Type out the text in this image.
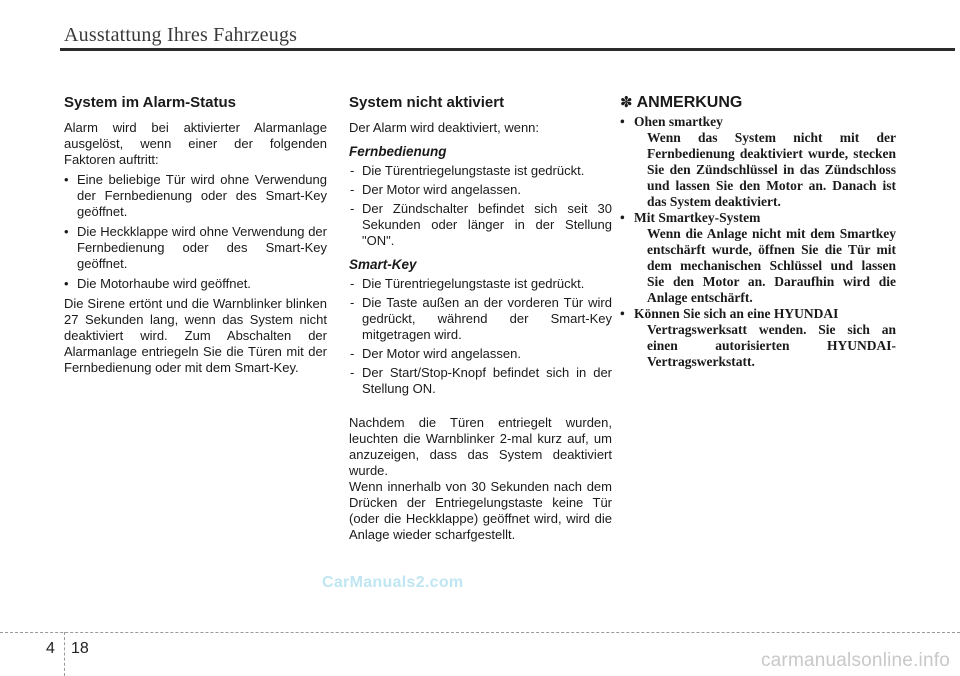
Ausstattung Ihres Fahrzeugs
System im Alarm-Status

Alarm wird bei aktivierter Alarmanlage ausgelöst, wenn einer der folgenden Faktoren auftritt:

• Eine beliebige Tür wird ohne Verwendung der Fernbedienung oder des Smart-Key geöffnet.
• Die Heckklappe wird ohne Verwendung der Fernbedienung oder des Smart-Key geöffnet.
• Die Motorhaube wird geöffnet.

Die Sirene ertönt und die Warnblinker blinken 27 Sekunden lang, wenn das System nicht deaktiviert wird. Zum Abschalten der Alarmanlage entriegeln Sie die Türen mit der Fernbedienung oder mit dem Smart-Key.

System nicht aktiviert

Der Alarm wird deaktiviert, wenn:

Fernbedienung
- Die Türentriegelungstaste ist gedrückt.
- Der Motor wird angelassen.
- Der Zündschalter befindet sich seit 30 Sekunden oder länger in der Stellung "ON".
Smart-Key
- Die Türentriegelungstaste ist gedrückt.
- Die Taste außen an der vorderen Tür wird gedrückt, während der Smart-Key mitgetragen wird.
- Der Motor wird angelassen.
- Der Start/Stop-Knopf befindet sich in der Stellung ON.

Nachdem die Türen entriegelt wurden, leuchten die Warnblinker 2-mal kurz auf, um anzuzeigen, dass das System deaktiviert wurde.

Wenn innerhalb von 30 Sekunden nach dem Drücken der Entriegelungstaste keine Tür (oder die Heckklappe) geöffnet wird, wird die Anlage wieder scharfgestellt.

✽ ANMERKUNG
• Ohen smartkey
Wenn das System nicht mit der Fernbedienung deaktiviert wurde, stecken Sie den Zündschlüssel in das Zündschloss und lassen Sie den Motor an. Danach ist das System deaktiviert.
• Mit Smartkey-System
Wenn die Anlage nicht mit dem Smartkey entschärft wurde, öffnen Sie die Tür mit dem mechanischen Schlüssel und lassen Sie den Motor an. Daraufhin wird die Anlage entschärft.
• Können Sie sich an eine HYUNDAI
Vertragswerksatt wenden. Sie sich an einen autorisierten HYUNDAI-Vertragswerkstatt.
CarManuals2.com
4 18
carmanualsonline.info
